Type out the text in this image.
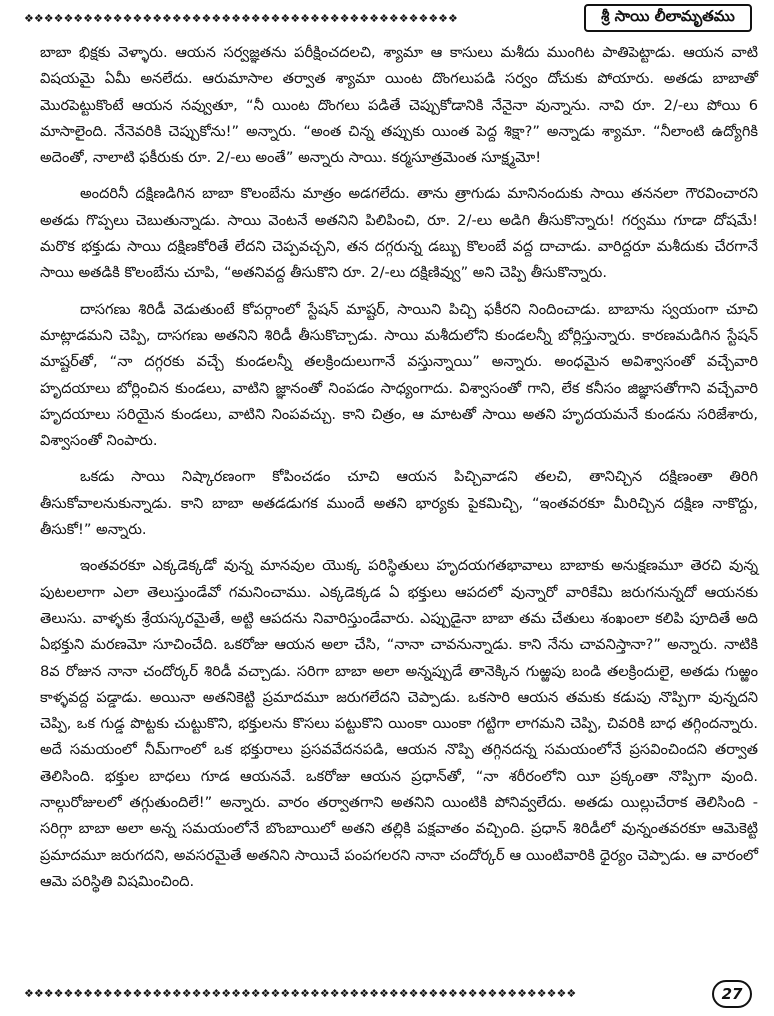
❖❖❖❖❖❖❖❖❖❖❖❖❖❖❖❖❖❖❖❖❖❖❖❖❖❖❖❖❖❖❖❖❖❖❖❖❖❖❖❖❖❖❖❖	శ్రీ సాయి లీలామృతము

బాబా భిక్షకు వెళ్ళారు. ఆయన సర్వజ్ఞతను పరీక్షించదలచి, శ్యామా ఆ కాసులు మశీదు ముంగిట పాతిపెట్టాడు. ఆయన వాటి విషయమై ఏమీ అనలేదు. ఆరుమాసాల తర్వాత శ్యామా యింట దొంగలుపడి సర్వం దోచుకు పోయారు. అతడు బాబాతో మొరపెట్టుకొంటే ఆయన నవ్వుతూ, “నీ యింట దొంగలు పడితే చెప్పుకోడానికి నేనైనా వున్నాను. నావి రూ. 2/-లు పోయి 6 మాసాలైంది. నేనెవరికి చెప్పుకోను!” అన్నారు. “అంత చిన్న తప్పుకు యింత పెద్ద శిక్షా?” అన్నాడు శ్యామా. “నీలాంటి ఉద్యోగికి అదెంతో, నాలాటి ఫకీరుకు రూ. 2/-లు అంతే” అన్నారు సాయి. కర్మసూత్రమెంత సూక్ష్మమో!

అందరినీ దక్షిణడిగిన బాబా కొలంబేను మాత్రం అడగలేదు. తాను త్రాగుడు మానినందుకు సాయి తననలా గౌరవించారని అతడు గొప్పలు చెబుతున్నాడు. సాయి వెంటనే అతనిని పిలిపించి, రూ. 2/-లు అడిగి తీసుకొన్నారు! గర్వము గూడా దోషమే! మరొక భక్తుడు సాయి దక్షిణకోరితే లేదని చెప్పవచ్చని, తన దగ్గరున్న డబ్బు కొలంబే వద్ద దాచాడు. వారిద్దరూ మశీదుకు చేరగానే సాయి అతడికి కొలంబేను చూపి, “అతనివద్ద తీసుకొని రూ. 2/-లు దక్షిణివ్వు” అని చెప్పి తీసుకొన్నారు.

దాసగణు శిరిడీ వెడుతుంటే కోపర్గాంలో స్టేషన్ మాష్టర్, సాయిని పిచ్చి ఫకీరని నిందించాడు. బాబాను స్వయంగా చూచి మాట్లాడమని చెప్పి, దాసగణు అతనిని శిరిడీ తీసుకొచ్చాడు. సాయి మశీదులోని కుండలన్నీ బోర్లిస్తున్నారు. కారణమడిగిన స్టేషన్ మాష్టర్‌తో, “నా దగ్గరకు వచ్చే కుండలన్నీ తలక్రిందులుగానే వస్తున్నాయి” అన్నారు. అంధమైన అవిశ్వాసంతో వచ్చేవారి హృదయాలు బోర్లించిన కుండలు, వాటిని జ్ఞానంతో నింపడం సాధ్యంగాదు. విశ్వాసంతో గాని, లేక కనీసం జిజ్ఞాసతోగాని వచ్చేవారి హృదయాలు సరియైన కుండలు, వాటిని నింపవచ్చు. కాని చిత్రం, ఆ మాటతో సాయి అతని హృదయమనే కుండను సరిజేశారు, విశ్వాసంతో నింపారు.

ఒకడు సాయి నిష్కారణంగా కోపించడం చూచి ఆయన పిచ్చివాడని తలచి, తానిచ్చిన దక్షిణంతా తిరిగి తీసుకోవాలనుకున్నాడు. కాని బాబా అతడడుగక ముందే అతని భార్యకు పైకమిచ్చి, “ఇంతవరకూ మీరిచ్చిన దక్షిణ నాకొద్దు, తీసుకో!” అన్నారు.

ఇంతవరకూ ఎక్కడెక్కడో వున్న మానవుల యొక్క పరిస్థితులు హృదయగతభావాలు బాబాకు అనుక్షణమూ తెరచి వున్న పుటలలాగా ఎలా తెలుస్తుండేవో గమనించాము. ఎక్కడెక్కడ ఏ భక్తులు ఆపదలో వున్నారో వారికేమి జరుగనున్నదో ఆయనకు తెలుసు. వాళ్ళకు శ్రేయస్కరమైతే, అట్టి ఆపదను నివారిస్తుండేవారు. ఎప్పుడైనా బాబా తమ చేతులు శంఖంలా కలిపి పూదితే అది ఏభక్తుని మరణమో సూచించేది. ఒకరోజు ఆయన అలా చేసి, “నానా చావనున్నాడు. కాని నేను చావనిస్తానా?” అన్నారు. నాటికి 8వ రోజున నానా చందోర్కర్ శిరిడీ వచ్చాడు. సరిగా బాబా అలా అన్నప్పుడే తానెక్కిన గుఱ్ఱపు బండి తలక్రిందులై, అతడు గుఱ్ఱం కాళ్ళవద్ద పడ్డాడు. అయినా అతనికెట్టి ప్రమాదమూ జరుగలేదని చెప్పాడు. ఒకసారి ఆయన తమకు కడుపు నొప్పిగా వున్నదని చెప్పి, ఒక గుడ్డ పొట్టకు చుట్టుకొని, భక్తులను కొసలు పట్టుకొని యింకా యింకా గట్టిగా లాగమని చెప్పి, చివరికి బాధ తగ్గిందన్నారు. అదే సమయంలో నీమ్‌గాంలో ఒక భక్తురాలు ప్రసవవేదనపడి, ఆయన నొప్పి తగ్గినదన్న సమయంలోనే ప్రసవించిందని తర్వాత తెలిసింది. భక్తుల బాధలు గూడ ఆయనవే. ఒకరోజు ఆయన ప్రధాన్‌తో, “నా శరీరంలోని యీ ప్రక్కంతా నొప్పిగా వుంది. నాల్గురోజులలో తగ్గుతుందిలే!” అన్నారు. వారం తర్వాతగాని అతనిని యింటికి పోనివ్వలేదు. అతడు యిల్లుచేరాక తెలిసింది - సరిగ్గా బాబా అలా అన్న సమయంలోనే బొంబాయిలో అతని తల్లికి పక్షవాతం వచ్చింది. ప్రధాన్ శిరిడీలో వున్నంతవరకూ ఆమెకెట్టి ప్రమాదమూ జరుగదని, అవసరమైతే అతనిని సాయిచే పంపగలరని నానా చందోర్కర్ ఆ యింటివారికి ధైర్యం చెప్పాడు. ఆ వారంలో ఆమె పరిస్థితి విషమించింది.

❖❖❖❖❖❖❖❖❖❖❖❖❖❖❖❖❖❖❖❖❖❖❖❖❖❖❖❖❖❖❖❖❖❖❖❖❖❖❖❖❖❖❖❖❖❖❖❖❖❖❖❖❖❖❖❖	27
